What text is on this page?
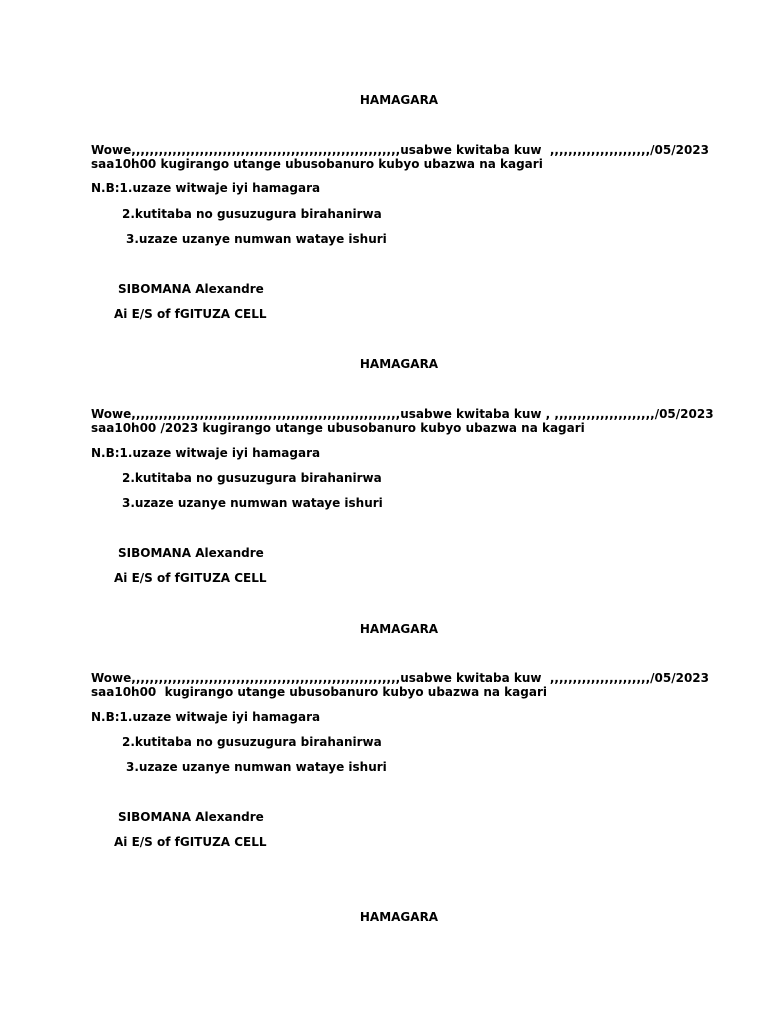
HAMAGARA

Wowe,,,,,,,,,,,,,,,,,,,,,,,,,,,,,,,,,,,,,,,,,,,,,,,,,,,,,,,,,,,usabwe kwitaba kuw  ,,,,,,,,,,,,,,,,,,,,,,/05/2023

saa10h00 kugirango utange ubusobanuro kubyo ubazwa na kagari

N.B:1.uzaze witwaje iyi hamagara

2.kutitaba no gusuzugura birahanirwa

3.uzaze uzanye numwan wataye ishuri

SIBOMANA Alexandre

Ai E/S of fGITUZA CELL

HAMAGARA

Wowe,,,,,,,,,,,,,,,,,,,,,,,,,,,,,,,,,,,,,,,,,,,,,,,,,,,,,,,,,,,usabwe kwitaba kuw , ,,,,,,,,,,,,,,,,,,,,,,/05/2023

saa10h00 /2023 kugirango utange ubusobanuro kubyo ubazwa na kagari

N.B:1.uzaze witwaje iyi hamagara

2.kutitaba no gusuzugura birahanirwa

3.uzaze uzanye numwan wataye ishuri

SIBOMANA Alexandre

Ai E/S of fGITUZA CELL

HAMAGARA

Wowe,,,,,,,,,,,,,,,,,,,,,,,,,,,,,,,,,,,,,,,,,,,,,,,,,,,,,,,,,,,usabwe kwitaba kuw  ,,,,,,,,,,,,,,,,,,,,,,/05/2023

saa10h00  kugirango utange ubusobanuro kubyo ubazwa na kagari

N.B:1.uzaze witwaje iyi hamagara

2.kutitaba no gusuzugura birahanirwa

3.uzaze uzanye numwan wataye ishuri

SIBOMANA Alexandre

Ai E/S of fGITUZA CELL

HAMAGARA
